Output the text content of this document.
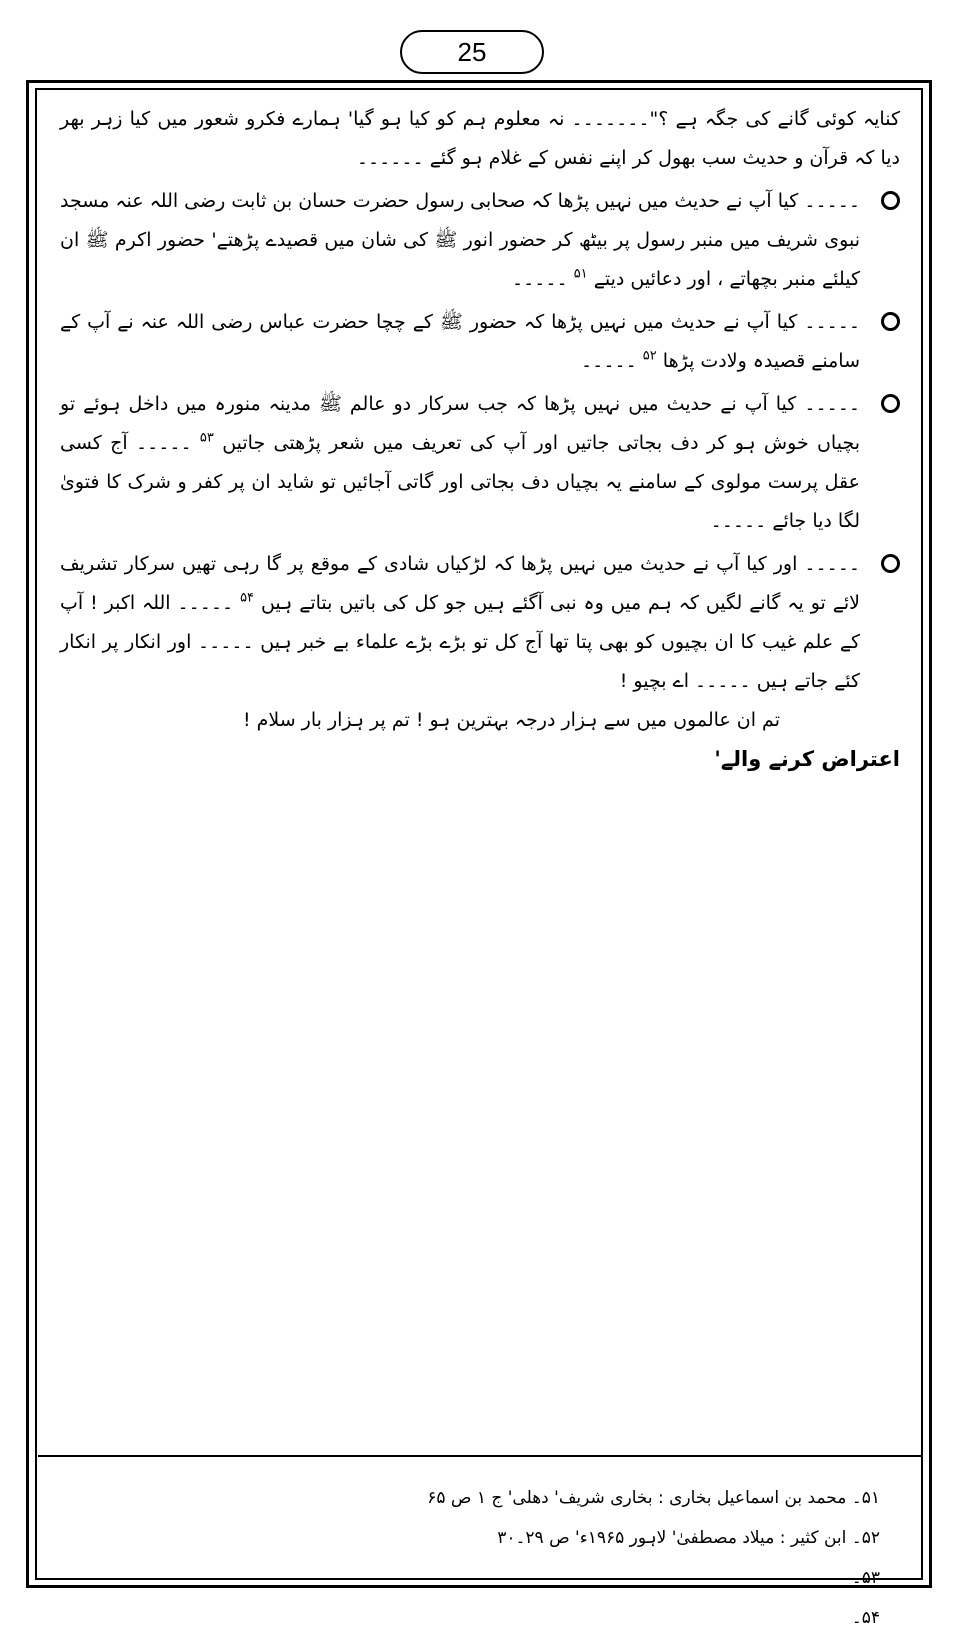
25
کنایہ کوئی گانے کی جگہ ہے ؟"۔۔۔۔۔۔۔ نہ معلوم ہم کو کیا ہو گیا' ہمارے فکرو شعور میں کیا زہر بھر دیا کہ قرآن و حدیث سب بھول کر اپنے نفس کے غلام ہو گئے ۔۔۔۔۔۔
۔۔۔۔۔ کیا آپ نے حدیث میں نہیں پڑھا کہ صحابی رسول حضرت حسان بن ثابت رضی اللہ عنہ مسجد نبوی شریف میں منبر رسول پر بیٹھ کر حضور انور ﷺ کی شان میں قصیدے پڑھتے' حضور اکرم ﷺ ان کیلئے منبر بچھاتے ، اور دعائیں دیتے $^{۵۱}$ ۔۔۔۔۔
۔۔۔۔۔ کیا آپ نے حدیث میں نہیں پڑھا کہ حضور ﷺ کے چچا حضرت عباس رضی اللہ عنہ نے آپ کے سامنے قصیدہ ولادت پڑھا $^{۵۲}$ ۔۔۔۔۔
۔۔۔۔۔ کیا آپ نے حدیث میں نہیں پڑھا کہ جب سرکار دو عالم ﷺ مدینہ منورہ میں داخل ہوئے تو بچیاں خوش ہو کر دف بجاتی جاتیں اور آپ کی تعریف میں شعر پڑھتی جاتیں $^{۵۳}$ ۔۔۔۔۔ آج کسی عقل پرست مولوی کے سامنے یہ بچیاں دف بجاتی اور گاتی آجائیں تو شاید ان پر کفر و شرک کا فتویٰ لگا دیا جائے ۔۔۔۔۔
۔۔۔۔۔ اور کیا آپ نے حدیث میں نہیں پڑھا کہ لڑکیاں شادی کے موقع پر گا رہی تھیں سرکار تشریف لائے تو یہ گانے لگیں کہ ہم میں وہ نبی آگئے ہیں جو کل کی باتیں بتاتے ہیں $^{۵۴}$ ۔۔۔۔۔ اللہ اکبر ! آپ کے علم غیب کا ان بچیوں کو بھی پتا تھا آج کل تو بڑے بڑے علماء بے خبر ہیں ۔۔۔۔۔ اور انکار پر انکار کئے جاتے ہیں ۔۔۔۔۔ اے بچیو !
تم ان عالموں میں سے ہزار درجہ بہترین ہو ! تم پر ہزار بار سلام !
اعتراض کرنے والے'
۵۱۔ محمد بن اسماعیل بخاری : بخاری شریف' دھلی' ج ۱ ص ۶۵
۵۲۔ ابن کثیر : میلاد مصطفیٰ' لاہور ۱۹۶۵ء' ص ۲۹۔۳۰
۵۳۔
۵۴۔
